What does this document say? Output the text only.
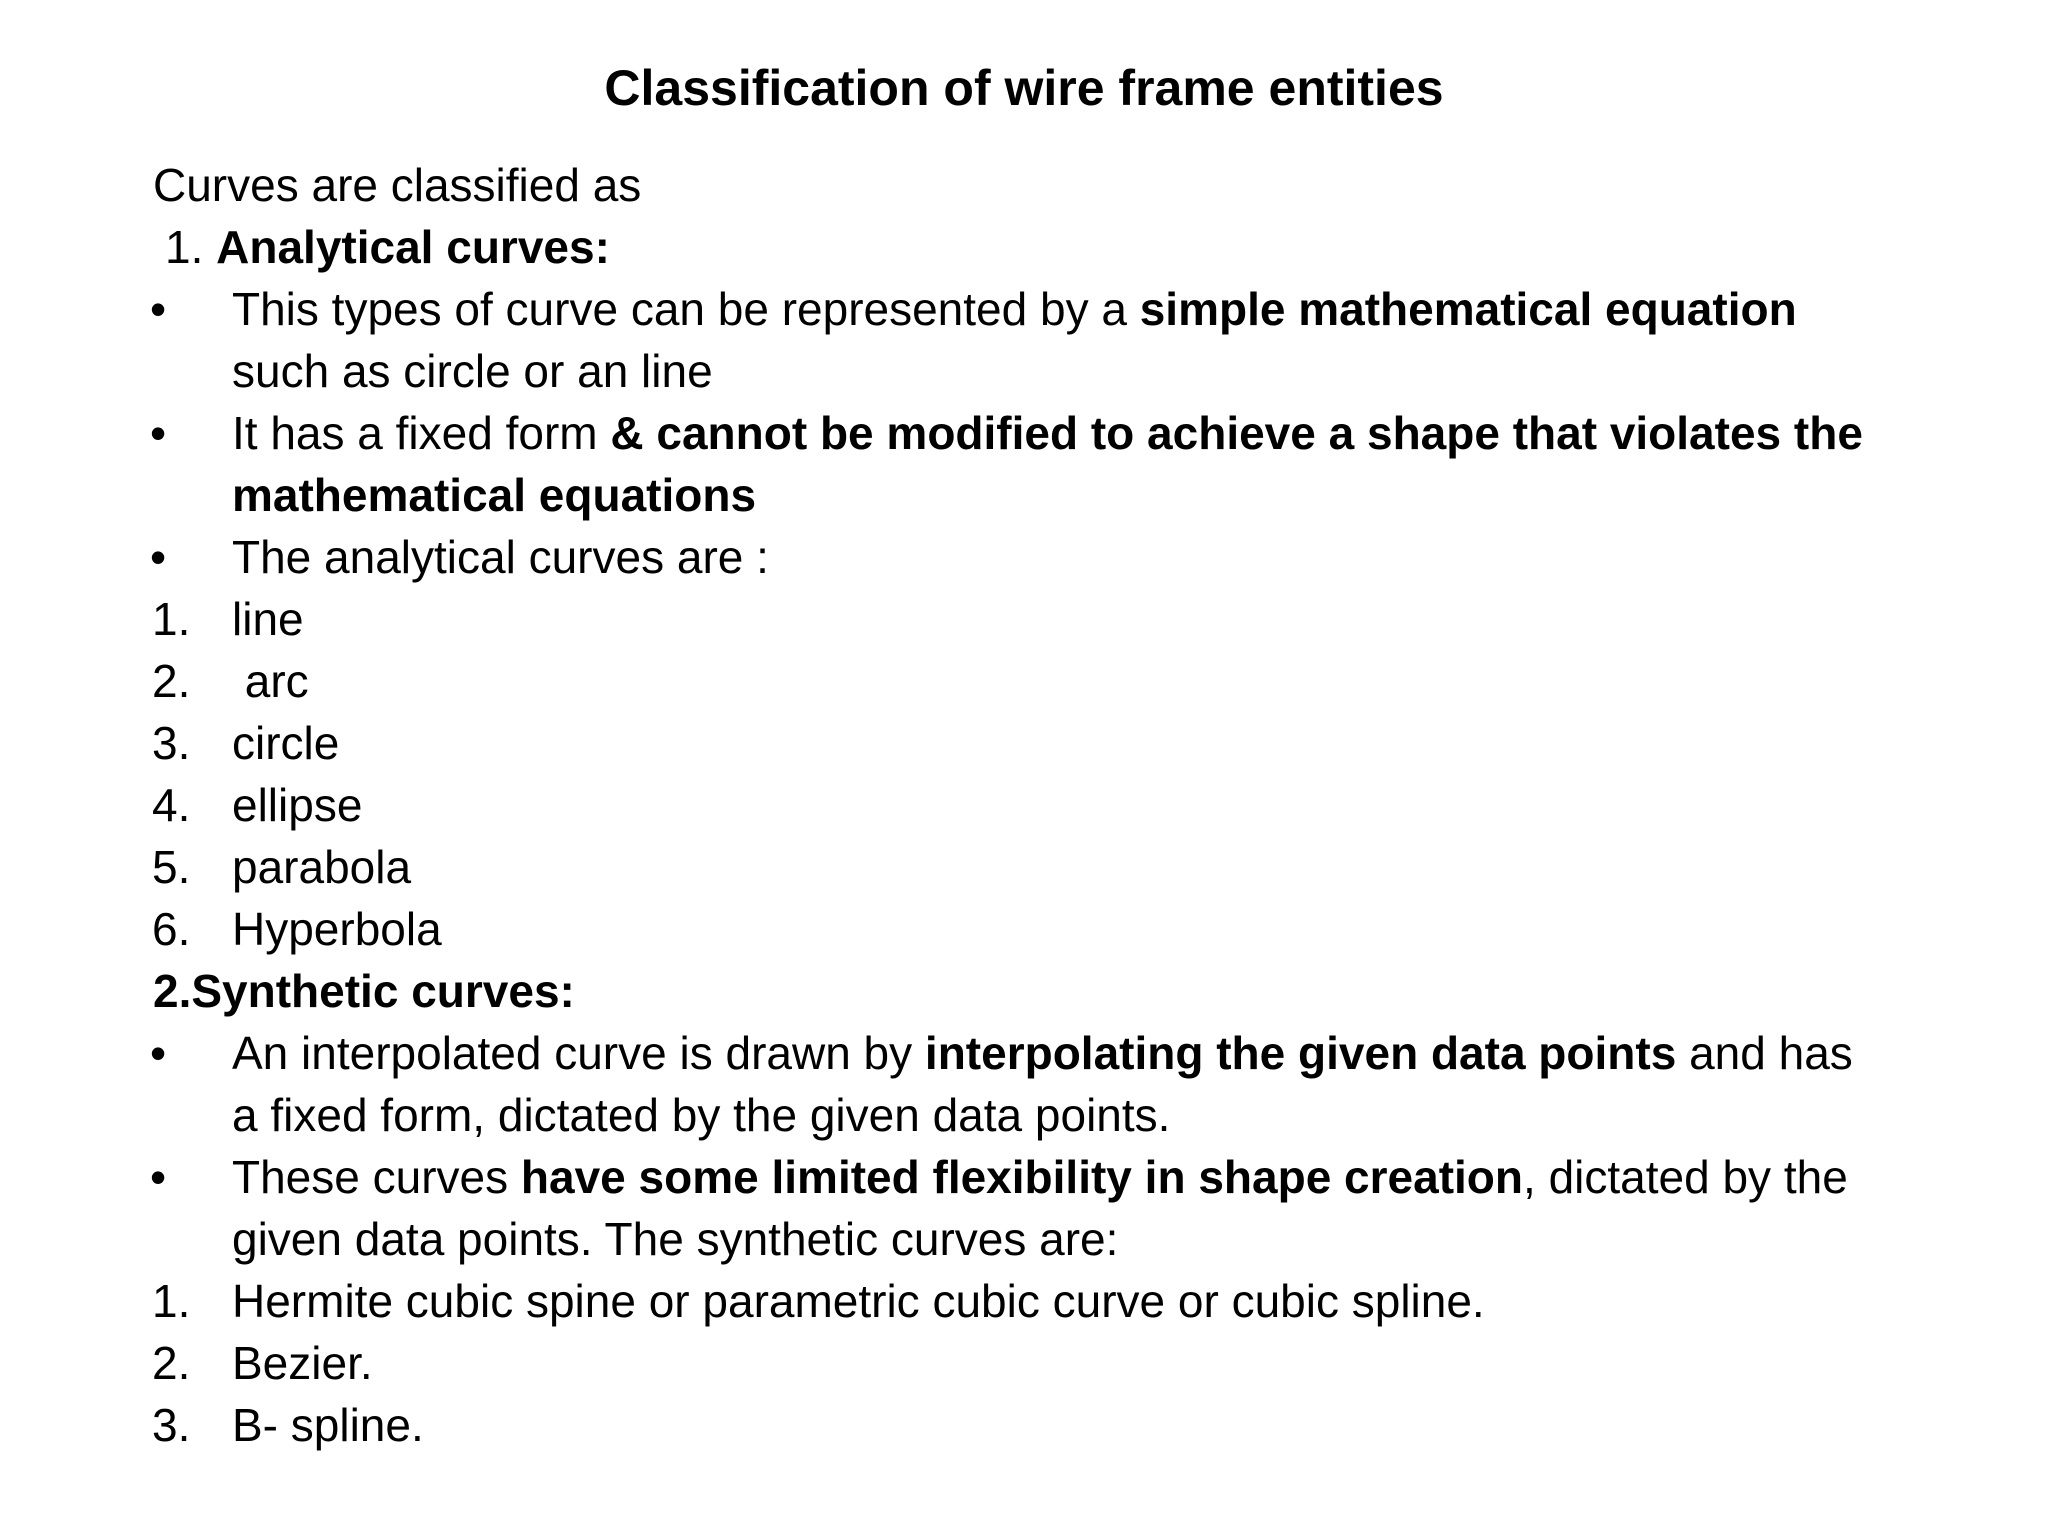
Classification of wire frame entities
Curves are classified as
1. Analytical curves:
• This types of curve can be represented by a simple mathematical equation
such as circle or an line
• It has a fixed form & cannot be modified to achieve a shape that violates the
mathematical equations
• The analytical curves are :
1. line
2. arc
3. circle
4. ellipse
5. parabola
6. Hyperbola
2.Synthetic curves:
• An interpolated curve is drawn by interpolating the given data points and has
a fixed form, dictated by the given data points.
• These curves have some limited flexibility in shape creation, dictated by the
given data points. The synthetic curves are:
1. Hermite cubic spine or parametric cubic curve or cubic spline.
2. Bezier.
3. B- spline.
